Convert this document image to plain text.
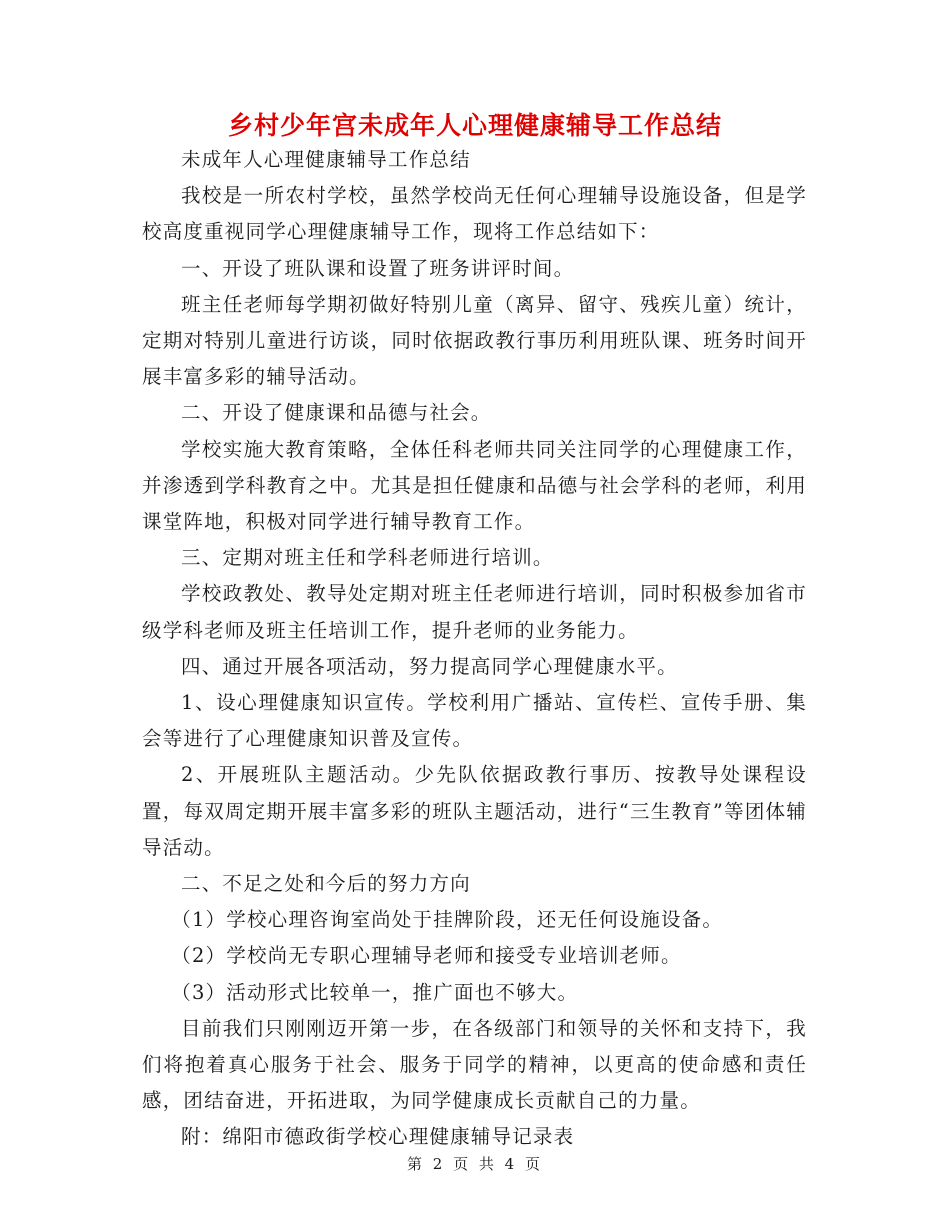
乡村少年宫未成年人心理健康辅导工作总结

未成年人心理健康辅导工作总结

我校是一所农村学校，虽然学校尚无任何心理辅导设施设备，但是学校高度重视同学心理健康辅导工作，现将工作总结如下：

一、开设了班队课和设置了班务讲评时间。

班主任老师每学期初做好特别儿童（离异、留守、残疾儿童）统计，定期对特别儿童进行访谈，同时依据政教行事历利用班队课、班务时间开展丰富多彩的辅导活动。

二、开设了健康课和品德与社会。

学校实施大教育策略，全体任科老师共同关注同学的心理健康工作，并渗透到学科教育之中。尤其是担任健康和品德与社会学科的老师，利用课堂阵地，积极对同学进行辅导教育工作。

三、定期对班主任和学科老师进行培训。

学校政教处、教导处定期对班主任老师进行培训，同时积极参加省市级学科老师及班主任培训工作，提升老师的业务能力。

四、通过开展各项活动，努力提高同学心理健康水平。

1、设心理健康知识宣传。学校利用广播站、宣传栏、宣传手册、集会等进行了心理健康知识普及宣传。

2、开展班队主题活动。少先队依据政教行事历、按教导处课程设置，每双周定期开展丰富多彩的班队主题活动，进行“三生教育”等团体辅导活动。

二、不足之处和今后的努力方向

（1）学校心理咨询室尚处于挂牌阶段，还无任何设施设备。

（2）学校尚无专职心理辅导老师和接受专业培训老师。

（3）活动形式比较单一，推广面也不够大。

目前我们只刚刚迈开第一步，在各级部门和领导的关怀和支持下，我们将抱着真心服务于社会、服务于同学的精神，以更高的使命感和责任感，团结奋进，开拓进取，为同学健康成长贡献自己的力量。

附：绵阳市德政街学校心理健康辅导记录表

第 2 页 共 4 页
